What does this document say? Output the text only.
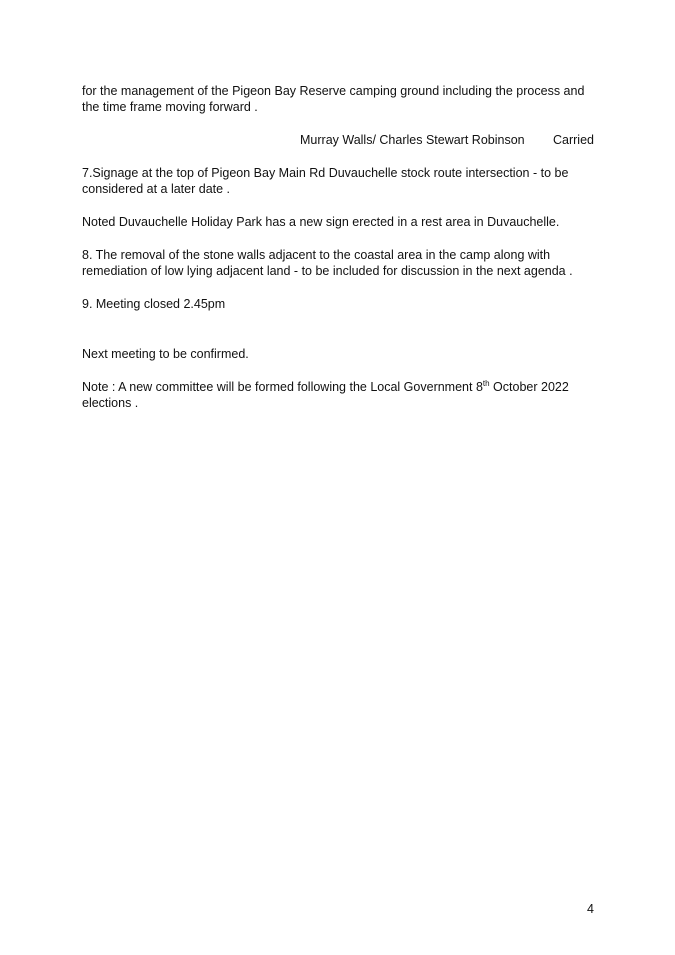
for the management of the Pigeon Bay Reserve camping ground including the process and the time frame moving forward .

Murray Walls/ Charles Stewart Robinson Carried

7.Signage at the top of Pigeon Bay Main Rd Duvauchelle stock route intersection - to be considered at a later date .

Noted Duvauchelle Holiday Park has a new sign erected in a rest area in Duvauchelle.

8. The removal of the stone walls adjacent to the coastal area in the camp along with remediation of low lying adjacent land - to be included for discussion in the next agenda .

9. Meeting closed 2.45pm

Next meeting to be confirmed.

Note : A new committee will be formed following the Local Government 8th October 2022 elections .

4
